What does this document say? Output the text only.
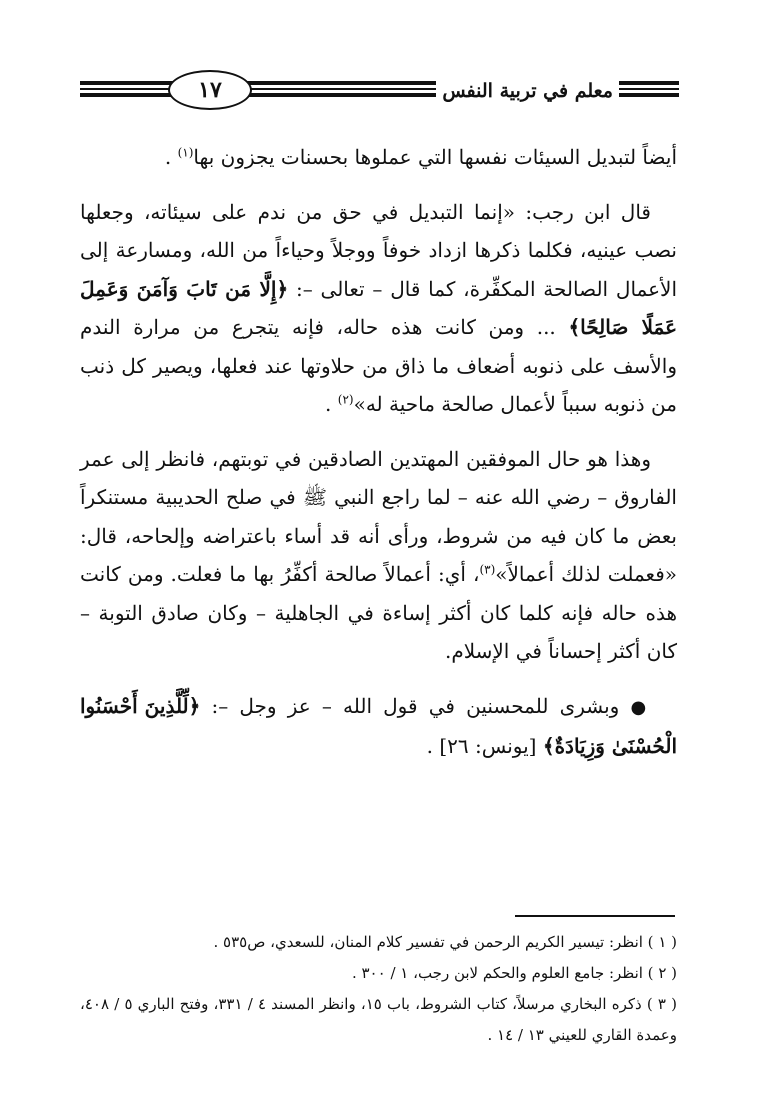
معلم في تربية النفس
١٧

أيضاً لتبديل السيئات نفسها التي عملوها بحسنات يجزون بها$^{(١)}$ .

قال ابن رجب: «إنما التبديل في حق من ندم على سيئاته، وجعلها نصب عينيه، فكلما ذكرها ازداد خوفاً ووجلاً وحياءاً من الله، ومسارعة إلى الأعمال الصالحة المكفِّرة، كما قال – تعالى –: ﴿إِلَّا مَن تَابَ وَآمَنَ وَعَمِلَ عَمَلًا صَالِحًا﴾ ... ومن كانت هذه حاله، فإنه يتجرع من مرارة الندم والأسف على ذنوبه أضعاف ما ذاق من حلاوتها عند فعلها، ويصير كل ذنب من ذنوبه سبباً لأعمال صالحة ماحية له»$^{(٢)}$ .

وهذا هو حال الموفقين المهتدين الصادقين في توبتهم، فانظر إلى عمر الفاروق – رضي الله عنه – لما راجع النبي ﷺ في صلح الحديبية مستنكراً بعض ما كان فيه من شروط، ورأى أنه قد أساء باعتراضه وإلحاحه، قال: «فعملت لذلك أعمالاً»$^{(٣)}$، أي: أعمالاً صالحة أكفِّرُ بها ما فعلت. ومن كانت هذه حاله فإنه كلما كان أكثر إساءة في الجاهلية – وكان صادق التوبة – كان أكثر إحساناً في الإسلام.

● وبشرى للمحسنين في قول الله – عز وجل –: ﴿لِّلَّذِينَ أَحْسَنُوا الْحُسْنَىٰ وَزِيَادَةٌ﴾ [يونس: ٢٦] .

( ١ ) انظر: تيسير الكريم الرحمن في تفسير كلام المنان، للسعدي، ص٥٣٥ .

( ٢ ) انظر: جامع العلوم والحكم لابن رجب، ١ / ٣٠٠ .

( ٣ ) ذكره البخاري مرسلاً، كتاب الشروط، باب ١٥، وانظر المسند ٤ / ٣٣١، وفتح الباري ٥ / ٤٠٨، وعمدة القاري للعيني ١٣ / ١٤ .
